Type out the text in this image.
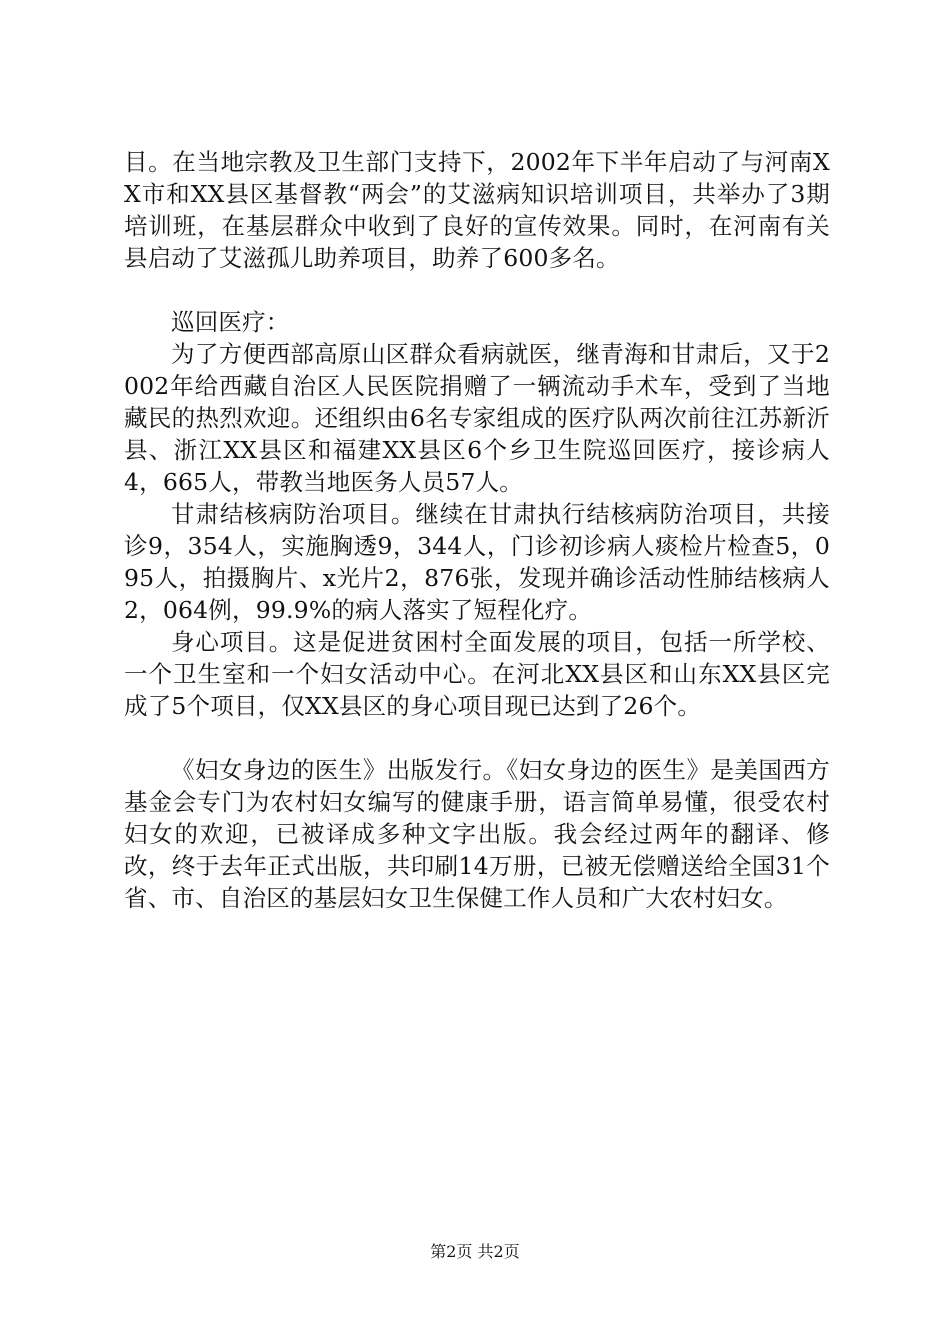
目。在当地宗教及卫生部门支持下，2002年下半年启动了与河南XX市和XX县区基督教“两会”的艾滋病知识培训项目，共举办了3期培训班，在基层群众中收到了良好的宣传效果。同时，在河南有关县启动了艾滋孤儿助养项目，助养了600多名。

巡回医疗：

为了方便西部高原山区群众看病就医，继青海和甘肃后，又于2002年给西藏自治区人民医院捐赠了一辆流动手术车，受到了当地藏民的热烈欢迎。还组织由6名专家组成的医疗队两次前往江苏新沂县、浙江XX县区和福建XX县区6个乡卫生院巡回医疗，接诊病人4，665人，带教当地医务人员57人。

甘肃结核病防治项目。继续在甘肃执行结核病防治项目，共接诊9，354人，实施胸透9，344人，门诊初诊病人痰检片检查5，095人，拍摄胸片、x光片2，876张，发现并确诊活动性肺结核病人2，064例，99.9%的病人落实了短程化疗。

身心项目。这是促进贫困村全面发展的项目，包括一所学校、一个卫生室和一个妇女活动中心。在河北XX县区和山东XX县区完成了5个项目，仅XX县区的身心项目现已达到了26个。

《妇女身边的医生》出版发行。《妇女身边的医生》是美国西方基金会专门为农村妇女编写的健康手册，语言简单易懂，很受农村妇女的欢迎，已被译成多种文字出版。我会经过两年的翻译、修改，终于去年正式出版，共印刷14万册，已被无偿赠送给全国31个省、市、自治区的基层妇女卫生保健工作人员和广大农村妇女。

第2页 共2页
